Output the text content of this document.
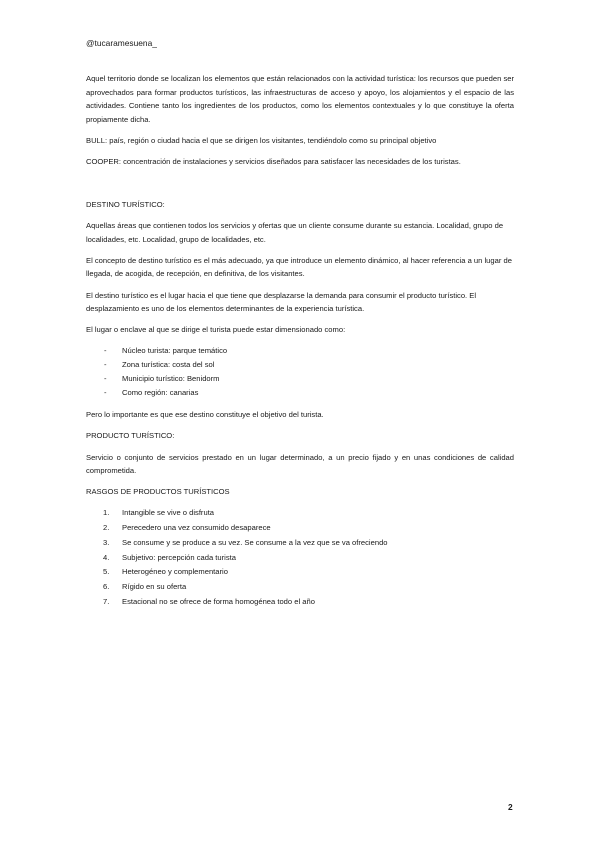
@tucaramesuena_

Aquel territorio donde se localizan los elementos que están relacionados con la actividad turística: los recursos que pueden ser aprovechados para formar productos turísticos, las infraestructuras de acceso y apoyo, los alojamientos y el espacio de las actividades. Contiene tanto los ingredientes de los productos, como los elementos contextuales y lo que constituye la oferta propiamente dicha.

BULL: país, región o ciudad hacia el que se dirigen los visitantes, tendiéndolo como su principal objetivo

COOPER: concentración de instalaciones y servicios diseñados para satisfacer las necesidades de los turistas.

DESTINO TURÍSTICO:

Aquellas áreas que contienen todos los servicios y ofertas que un cliente consume durante su estancia. Localidad, grupo de localidades, etc. Localidad, grupo de localidades, etc.

El concepto de destino turístico es el más adecuado, ya que introduce un elemento dinámico, al hacer referencia a un lugar de llegada, de acogida, de recepción, en definitiva, de los visitantes.

El destino turístico es el lugar hacia el que tiene que desplazarse la demanda para consumir el producto turístico. El desplazamiento es uno de los elementos determinantes de la experiencia turística.

El lugar o enclave al que se dirige el turista puede estar dimensionado como:

- Núcleo turista: parque temático
- Zona turística: costa del sol
- Municipio turístico: Benidorm
- Como región: canarias

Pero lo importante es que ese destino constituye el objetivo del turista.

PRODUCTO TURÍSTICO:

Servicio o conjunto de servicios prestado en un lugar determinado, a un precio fijado y en unas condiciones de calidad comprometida.

RASGOS DE PRODUCTOS TURÍSTICOS

1. Intangible se vive o disfruta
2. Perecedero una vez consumido desaparece
3. Se consume y se produce a su vez. Se consume a la vez que se va ofreciendo
4. Subjetivo: percepción cada turista
5. Heterogéneo y complementario
6. Rígido en su oferta
7. Estacional no se ofrece de forma homogénea todo el año
2
